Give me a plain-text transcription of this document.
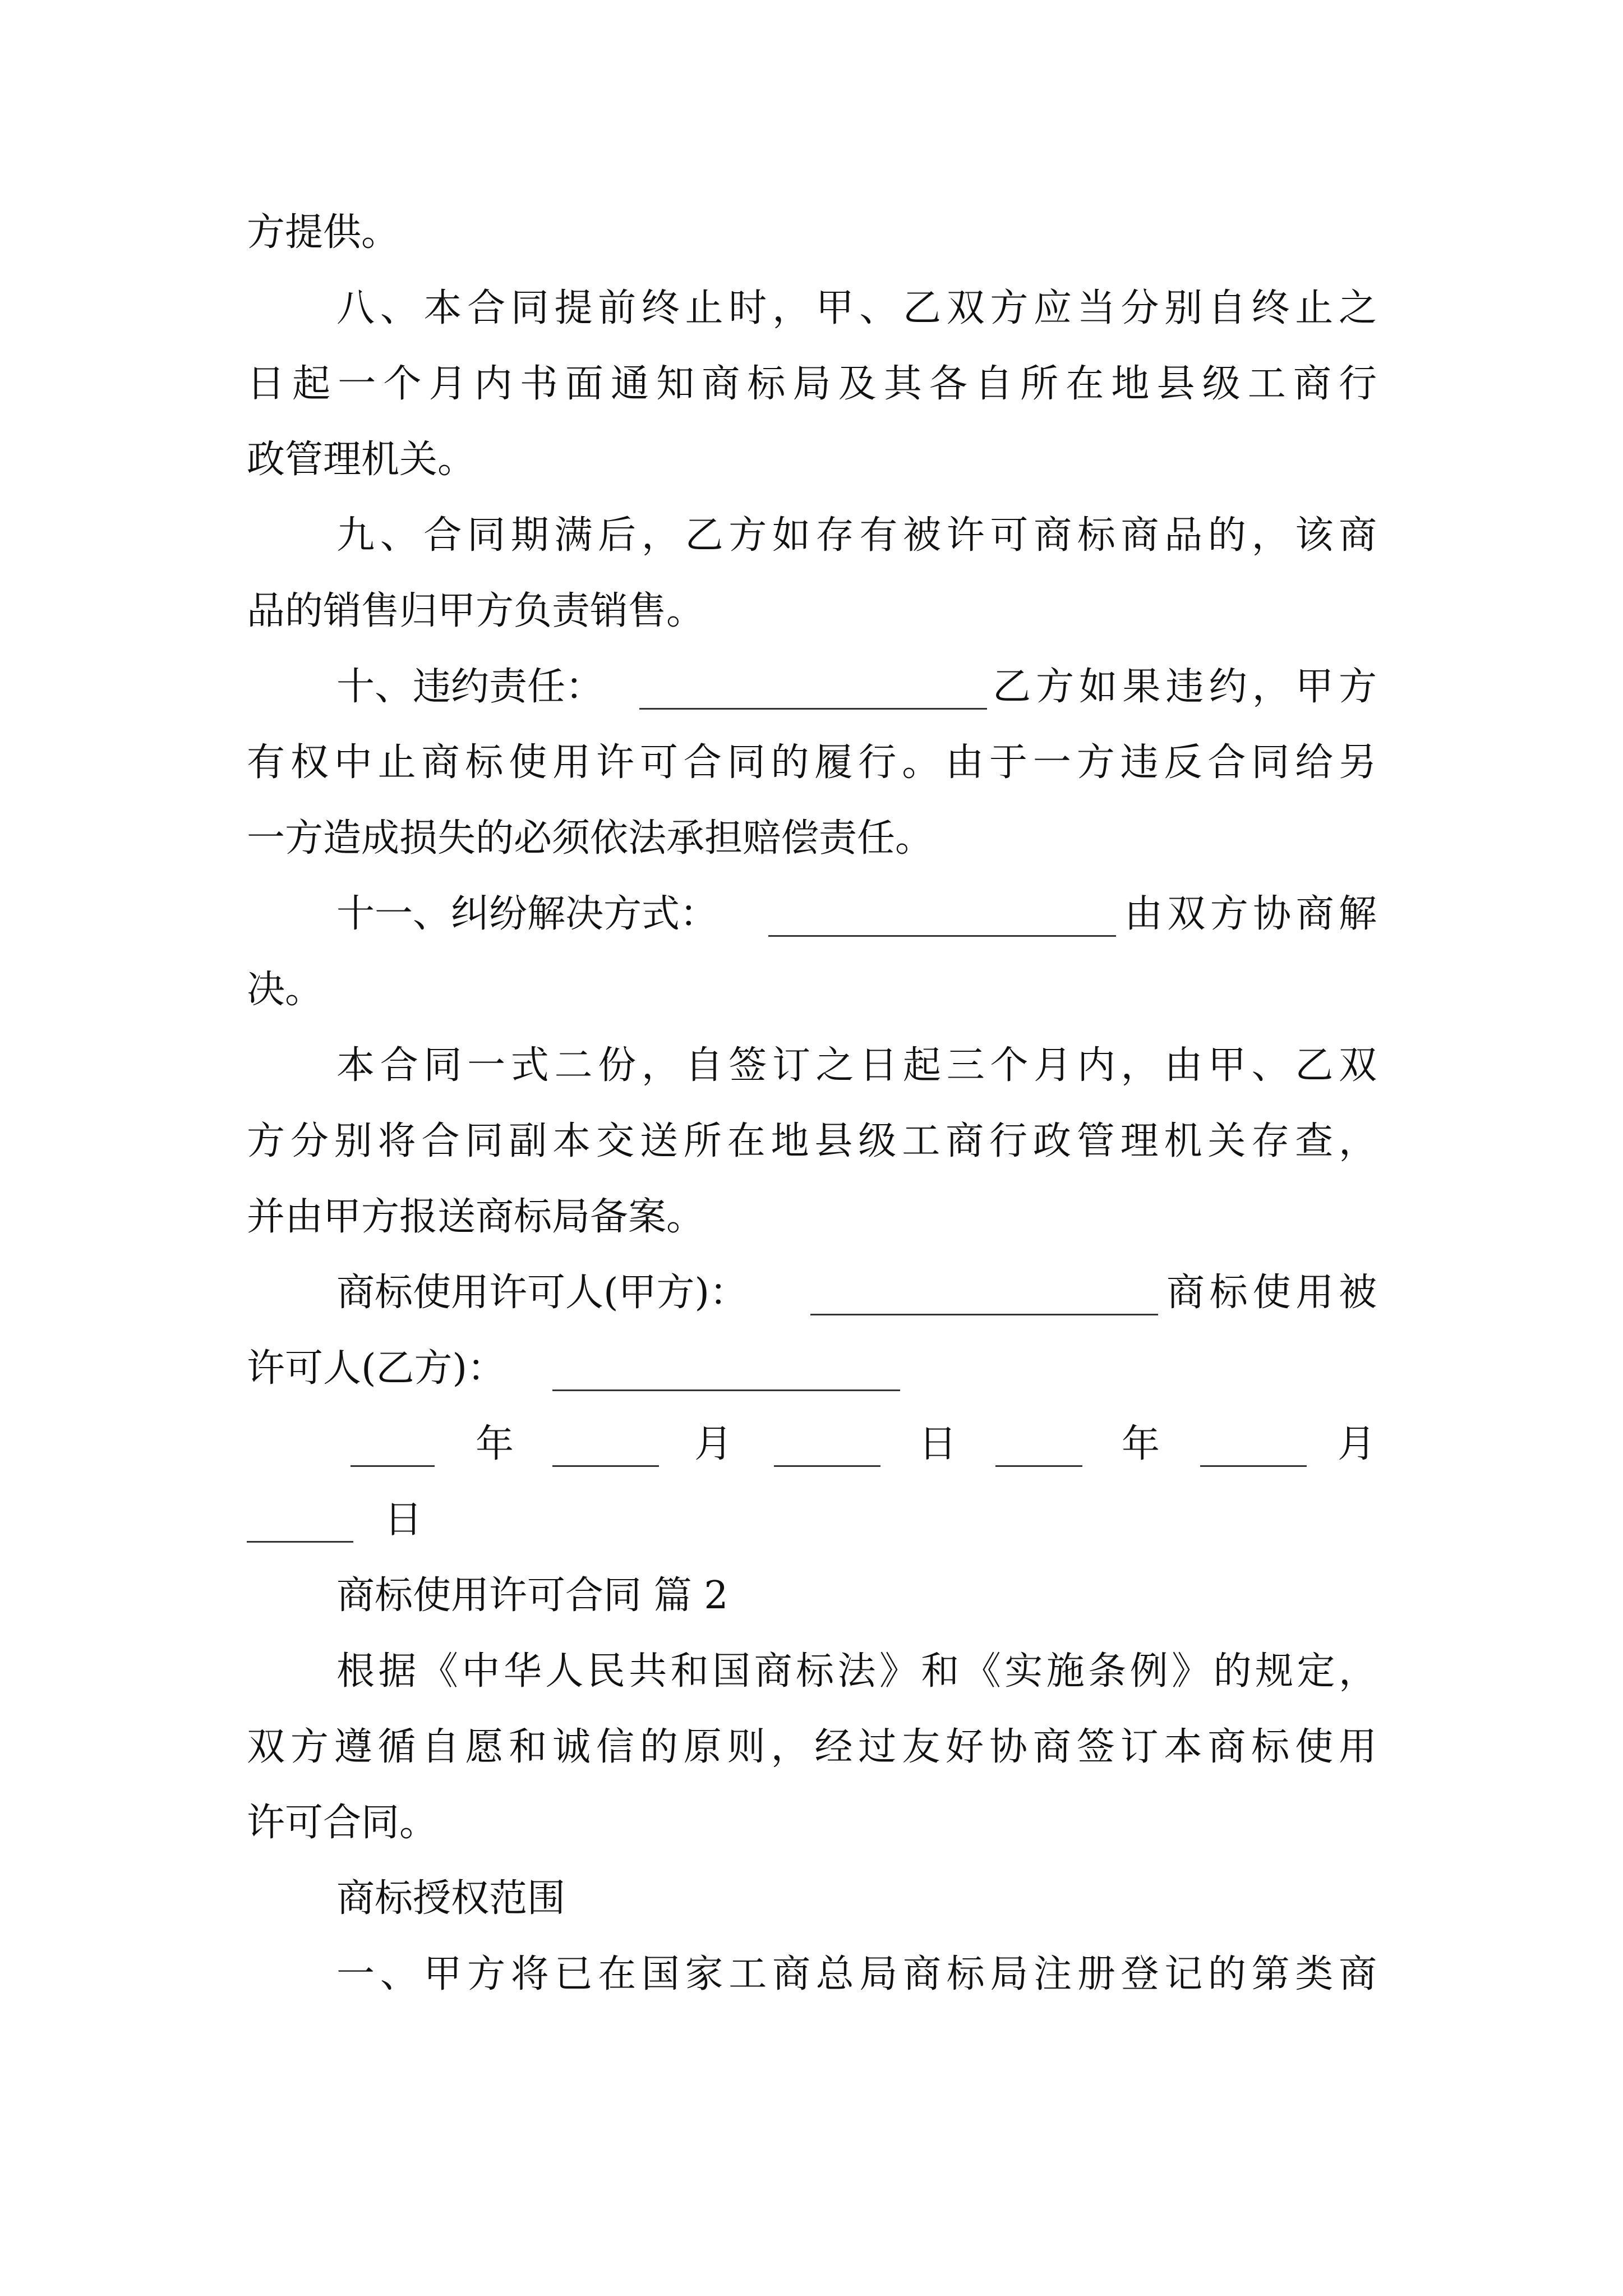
方提供。
八、本合同提前终止时，甲、乙双方应当分别自终止之
日起一个月内书面通知商标局及其各自所在地县级工商行
政管理机关。
九、合同期满后，乙方如存有被许可商标商品的，该商
品的销售归甲方负责销售。
十、违约责任：	乙方如果违约，甲方
有权中止商标使用许可合同的履行。由于一方违反合同给另
一方造成损失的必须依法承担赔偿责任。
十一、纠纷解决方式：	由双方协商解
决。
本合同一式二份，自签订之日起三个月内，由甲、乙双
方分别将合同副本交送所在地县级工商行政管理机关存查，
并由甲方报送商标局备案。
商标使用许可人(甲方)：	商标使用被
许可人(乙方)：
年	月	日	年	月
日
商标使用许可合同 篇 2
根据《中华人民共和国商标法》和《实施条例》的规定，
双方遵循自愿和诚信的原则，经过友好协商签订本商标使用
许可合同。
商标授权范围
一、甲方将已在国家工商总局商标局注册登记的第类商
